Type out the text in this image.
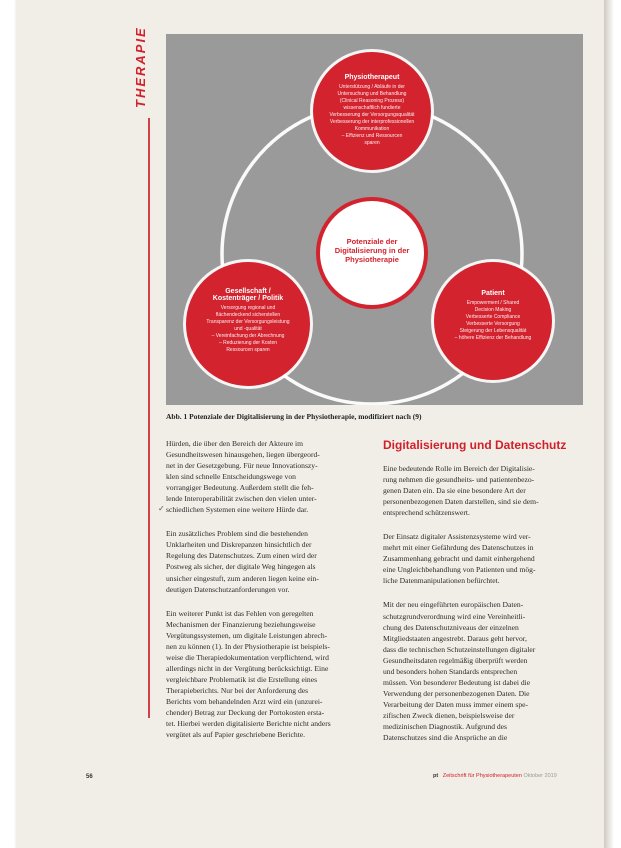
THERAPIE	Physiotherapeut
Unterstützung / Abläufe in der
Untersuchung und Behandlung
(Clinical Reasoning Prozess)
wissenschaftlich fundierte
Verbesserung der Versorgungsqualität
Verbesserung der interprofessionellen
Kommunikation
– Effizienz und Ressourcen
sparen
Gesellschaft /
Kostenträger / Politik
Versorgung regional und
flächendeckend sicherstellen
Transparenz der Versorgungsleistung
und -qualität
– Vereinfachung der Abrechnung
– Reduzierung der Kosten
Ressourcen sparen
Patient
Empowerment / Shared
Decision Making
Verbesserte Compliance
Verbesserte Versorgung
Steigerung der Lebensqualität
– höhere Effizienz der Behandlung
Potenziale der
Digitalisierung in der
Physiotherapie
Abb. 1 Potenziale der Digitalisierung in der Physiotherapie, modifiziert nach (9)
✓

Hürden, die über den Bereich der Akteure im
Gesundheitswesen hinausgehen, liegen übergeord-
net in der Gesetzgebung. Für neue Innovationszy-
klen sind schnelle Entscheidungswege von
vorrangiger Bedeutung. Außerdem stellt die feh-
lende Interoperabilität zwischen den vielen unter-
schiedlichen Systemen eine weitere Hürde dar.

Ein zusätzliches Problem sind die bestehenden
Unklarheiten und Diskrepanzen hinsichtlich der
Regelung des Datenschutzes. Zum einen wird der
Postweg als sicher, der digitale Weg hingegen als
unsicher eingestuft, zum anderen liegen keine ein-
deutigen Datenschutzanforderungen vor.

Ein weiterer Punkt ist das Fehlen von geregelten
Mechanismen der Finanzierung beziehungsweise
Vergütungssystemen, um digitale Leistungen abrech-
nen zu können (1). In der Physiotherapie ist beispiels-
weise die Therapiedokumentation verpflichtend, wird
allerdings nicht in der Vergütung berücksichtigt. Eine
vergleichbare Problematik ist die Erstellung eines
Therapieberichts. Nur bei der Anforderung des
Berichts vom behandelnden Arzt wird ein (unzurei-
chender) Betrag zur Deckung der Portokosten ersta-
tet. Hierbei werden digitalisierte Berichte nicht anders
vergütet als auf Papier geschriebene Berichte.

Digitalisierung und Datenschutz

Eine bedeutende Rolle im Bereich der Digitalisie-
rung nehmen die gesundheits- und patientenbezo-
genen Daten ein. Da sie eine besondere Art der
personenbezogenen Daten darstellen, sind sie dem-
entsprechend schützenswert.

Der Einsatz digitaler Assistenzsysteme wird ver-
mehrt mit einer Gefährdung des Datenschutzes in
Zusammenhang gebracht und damit einhergehend
eine Ungleichbehandlung von Patienten und mög-
liche Datenmanipulationen befürchtet.

Mit der neu eingeführten europäischen Daten-
schutzgrundverordnung wird eine Vereinheitli-
chung des Datenschutzniveaus der einzelnen
Mitgliedstaaten angestrebt. Daraus geht hervor,
dass die technischen Schutzeinstellungen digitaler
Gesundheitsdaten regelmäßig überprüft werden
und besonders hohen Standards entsprechen
müssen. Von besonderer Bedeutung ist dabei die
Verwendung der personenbezogenen Daten. Die
Verarbeitung der Daten muss immer einem spe-
zifischen Zweck dienen, beispielsweise der
medizinischen Diagnostik. Aufgrund des
Datenschutzes sind die Ansprüche an die

56	pt Zeitschrift für Physiotherapeuten Oktober 2019
